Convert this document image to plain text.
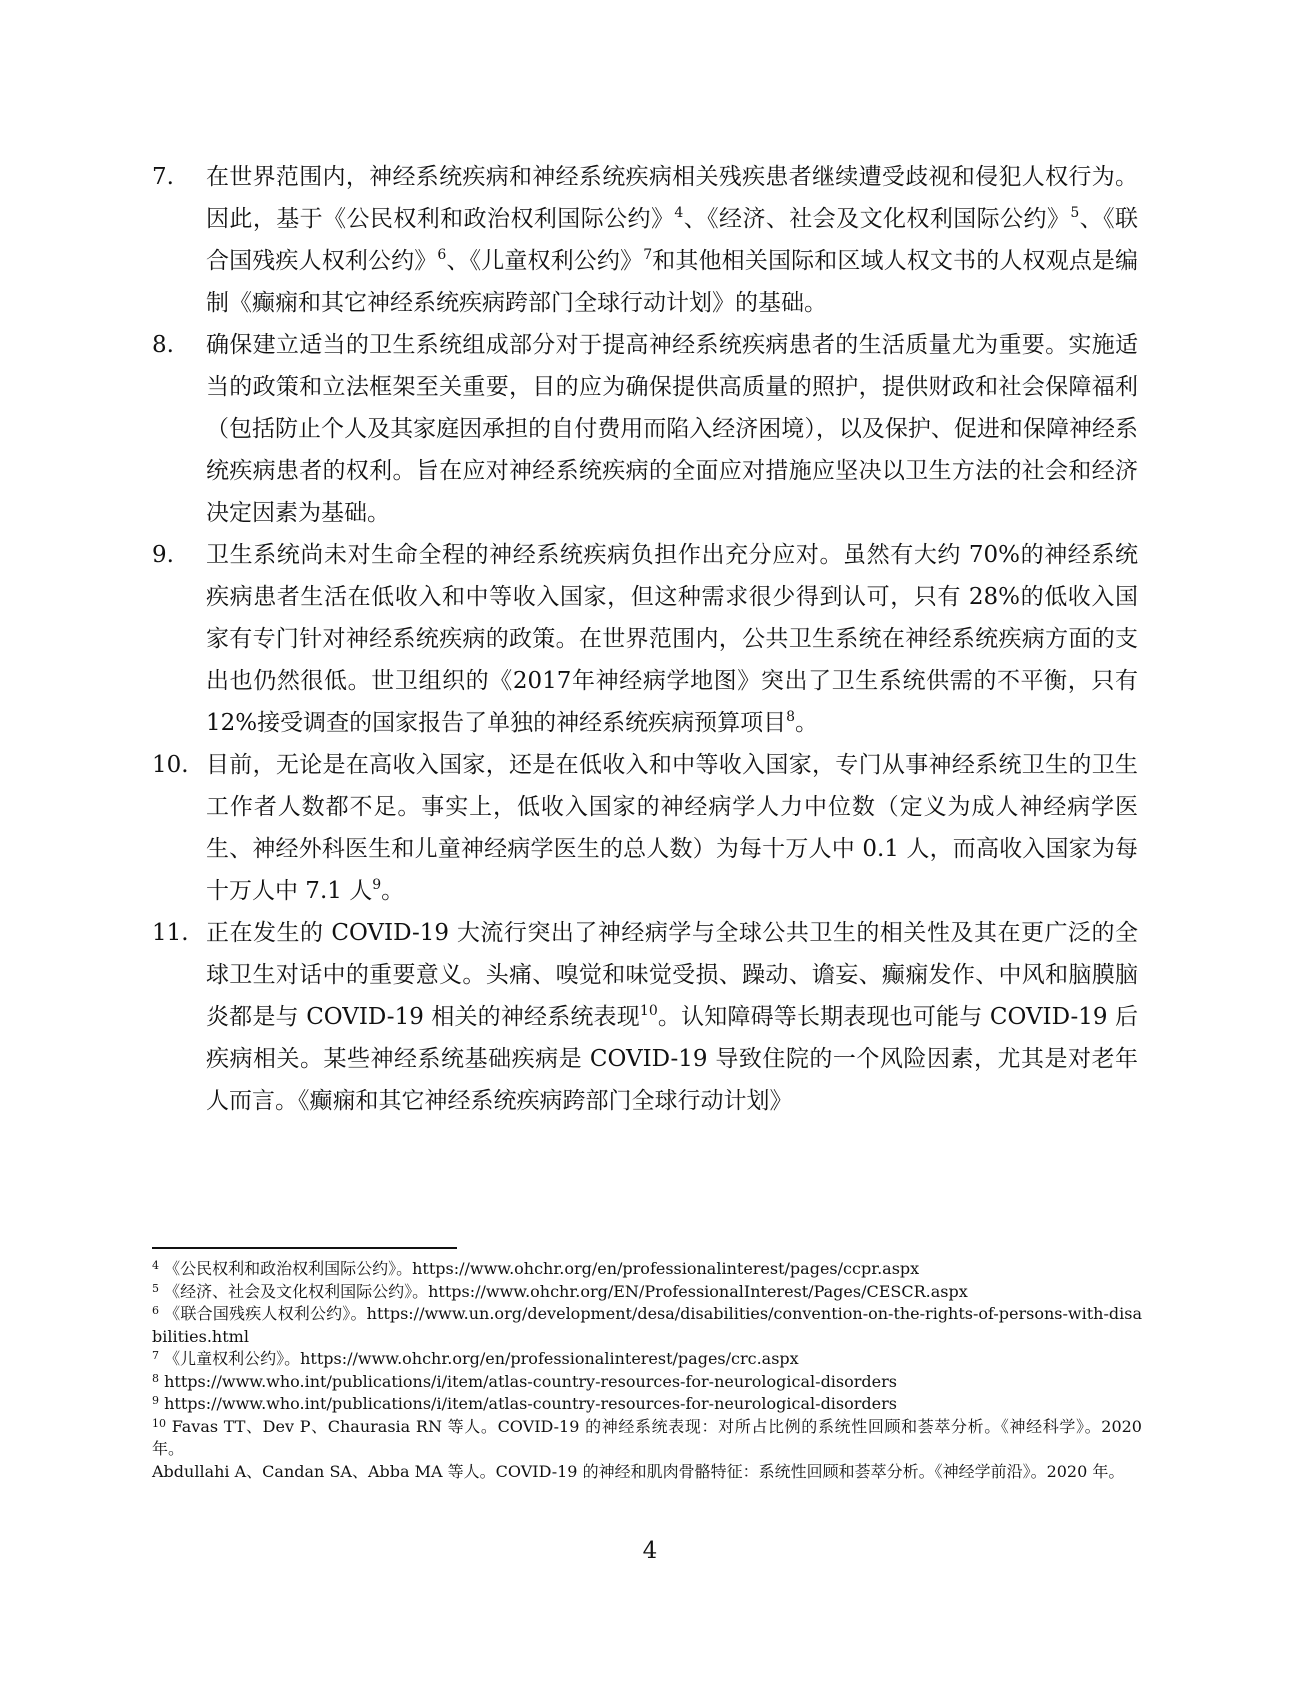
7.	在世界范围内，神经系统疾病和神经系统疾病相关残疾患者继续遭受歧视和侵犯人权行为。因此，基于《公民权利和政治权利国际公约》$^4$、《经济、社会及文化权利国际公约》$^5$、《联合国残疾人权利公约》$^6$、《儿童权利公约》$^7$和其他相关国际和区域人权文书的人权观点是编制《癫痫和其它神经系统疾病跨部门全球行动计划》的基础。
8.	确保建立适当的卫生系统组成部分对于提高神经系统疾病患者的生活质量尤为重要。实施适当的政策和立法框架至关重要，目的应为确保提供高质量的照护，提供财政和社会保障福利（包括防止个人及其家庭因承担的自付费用而陷入经济困境），以及保护、促进和保障神经系统疾病患者的权利。旨在应对神经系统疾病的全面应对措施应坚决以卫生方法的社会和经济决定因素为基础。
9.	卫生系统尚未对生命全程的神经系统疾病负担作出充分应对。虽然有大约 70%的神经系统疾病患者生活在低收入和中等收入国家，但这种需求很少得到认可，只有 28%的低收入国家有专门针对神经系统疾病的政策。在世界范围内，公共卫生系统在神经系统疾病方面的支出也仍然很低。世卫组织的《2017年神经病学地图》突出了卫生系统供需的不平衡，只有 12%接受调查的国家报告了单独的神经系统疾病预算项目$^8$。
10. 目前，无论是在高收入国家，还是在低收入和中等收入国家，专门从事神经系统卫生的卫生工作者人数都不足。事实上，低收入国家的神经病学人力中位数（定义为成人神经病学医生、神经外科医生和儿童神经病学医生的总人数）为每十万人中 0.1 人，而高收入国家为每十万人中 7.1 人$^9$。
11. 正在发生的 COVID-19 大流行突出了神经病学与全球公共卫生的相关性及其在更广泛的全球卫生对话中的重要意义。头痛、嗅觉和味觉受损、躁动、谵妄、癫痫发作、中风和脑膜脑炎都是与 COVID-19 相关的神经系统表现$^{10}$。认知障碍等长期表现也可能与 COVID-19 后疾病相关。某些神经系统基础疾病是 COVID-19 导致住院的一个风险因素，尤其是对老年人而言。《癫痫和其它神经系统疾病跨部门全球行动计划》
$^4$ 《公民权利和政治权利国际公约》。https://www.ohchr.org/en/professionalinterest/pages/ccpr.aspx
$^5$ 《经济、社会及文化权利国际公约》。https://www.ohchr.org/EN/ProfessionalInterest/Pages/CESCR.aspx
$^6$ 《联合国残疾人权利公约》。https://www.un.org/development/desa/disabilities/convention-on-the-rights-of-persons-with-disabilities.html
$^7$ 《儿童权利公约》。https://www.ohchr.org/en/professionalinterest/pages/crc.aspx
$^8$ https://www.who.int/publications/i/item/atlas-country-resources-for-neurological-disorders
$^9$ https://www.who.int/publications/i/item/atlas-country-resources-for-neurological-disorders
$^{10}$ Favas TT、Dev P、Chaurasia RN 等人。COVID-19 的神经系统表现：对所占比例的系统性回顾和荟萃分析。《神经科学》。2020 年。
Abdullahi A、Candan SA、Abba MA 等人。COVID-19 的神经和肌肉骨骼特征：系统性回顾和荟萃分析。《神经学前沿》。2020 年。
4
